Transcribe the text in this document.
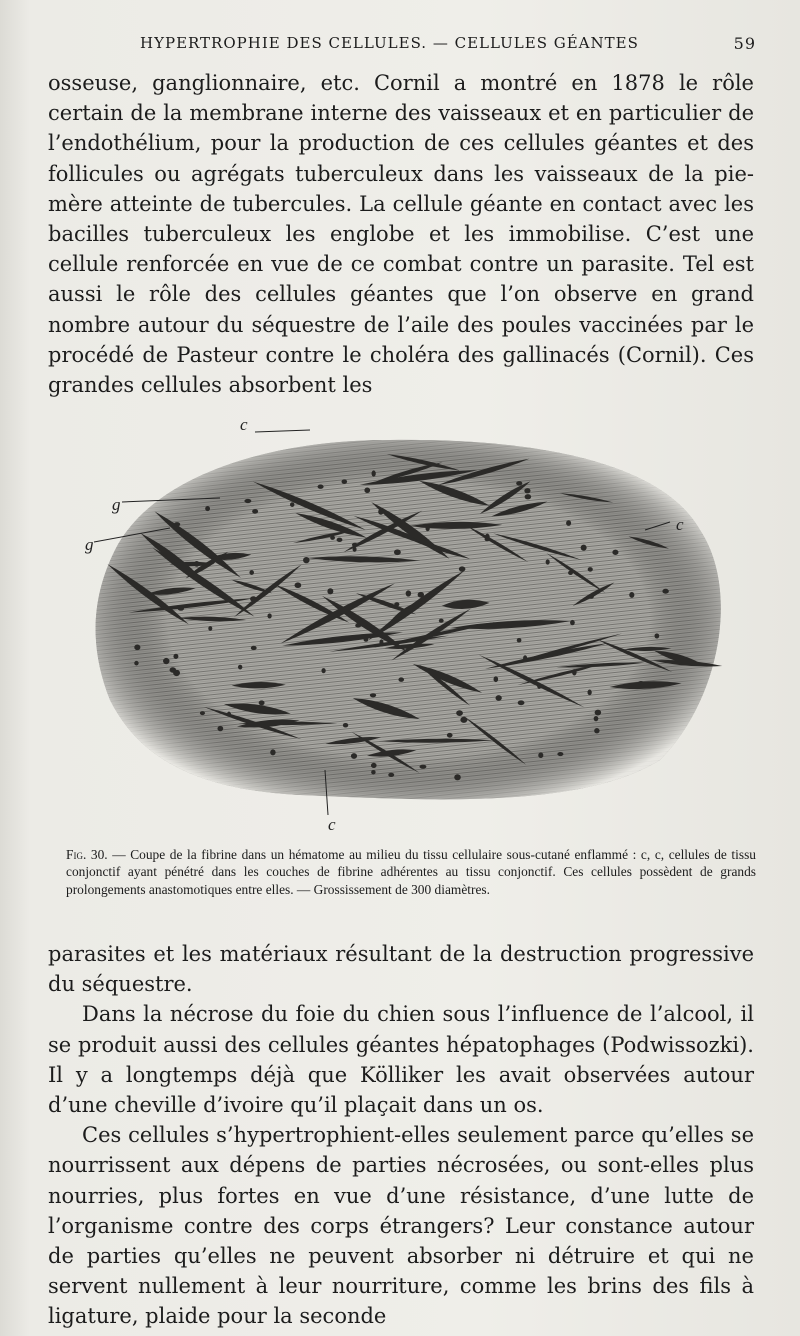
HYPERTROPHIE DES CELLULES. — CELLULES GÉANTES	59

osseuse, ganglionnaire, etc. Cornil a montré en 1878 le rôle certain de la membrane interne des vaisseaux et en particulier de l’endothélium, pour la production de ces cellules géantes et des follicules ou agrégats tuberculeux dans les vaisseaux de la pie-mère atteinte de tubercules. La cellule géante en contact avec les bacilles tuberculeux les englobe et les immobilise. C’est une cellule renforcée en vue de ce combat contre un parasite. Tel est aussi le rôle des cellules géantes que l’on observe en grand nombre autour du séquestre de l’aile des poules vaccinées par le procédé de Pasteur contre le choléra des gallinacés (Cornil). Ces grandes cellules absorbent les

c
g
g
c
c

Fig. 30. — Coupe de la fibrine dans un hématome au milieu du tissu cellulaire sous-cutané enflammé : c, c, cellules de tissu conjonctif ayant pénétré dans les couches de fibrine adhérentes au tissu conjonctif. Ces cellules possèdent de grands prolongements anastomotiques entre elles. — Grossissement de 300 diamètres.

parasites et les matériaux résultant de la destruction progressive du séquestre.

Dans la nécrose du foie du chien sous l’influence de l’alcool, il se produit aussi des cellules géantes hépatophages (Podwissozki). Il y a longtemps déjà que Kölliker les avait observées autour d’une cheville d’ivoire qu’il plaçait dans un os.

Ces cellules s’hypertrophient-elles seulement parce qu’elles se nourrissent aux dépens de parties nécrosées, ou sont-elles plus nourries, plus fortes en vue d’une résistance, d’une lutte de l’organisme contre des corps étrangers? Leur constance autour de parties qu’elles ne peuvent absorber ni détruire et qui ne servent nullement à leur nourriture, comme les brins des fils à ligature, plaide pour la seconde
